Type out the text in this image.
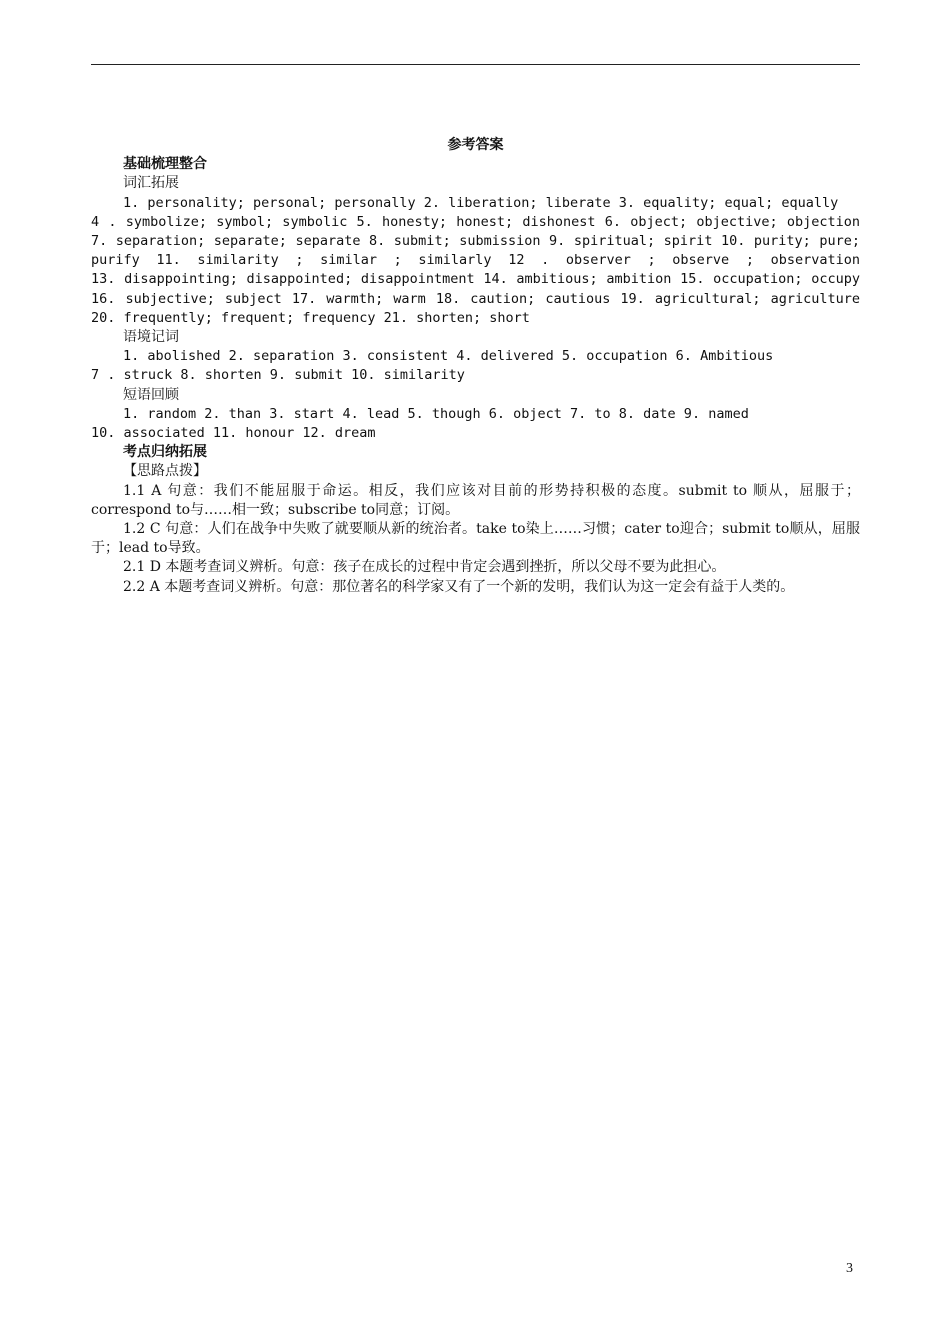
参考答案

基础梳理整合

词汇拓展

1. personality; personal; personally 2. liberation; liberate 3. equality; equal; equally

4 . symbolize; symbol; symbolic 5. honesty; honest; dishonest 6. object; objective; objection

7. separation; separate; separate 8. submit; submission 9. spiritual; spirit 10. purity; pure;

purify 11. similarity ; similar ; similarly 12 . observer ; observe ; observation

13. disappointing; disappointed; disappointment 14. ambitious; ambition 15. occupation; occupy

16. subjective; subject 17. warmth; warm 18. caution; cautious 19. agricultural; agriculture

20. frequently; frequent; frequency 21. shorten; short

语境记词

1. abolished 2. separation 3. consistent 4. delivered 5. occupation 6. Ambitious

7 . struck 8. shorten 9. submit 10. similarity

短语回顾

1. random 2. than 3. start 4. lead 5. though 6. object 7. to 8. date 9. named

10. associated 11. honour 12. dream

考点归纳拓展

【思路点拨】

1.1 A 句意：我们不能屈服于命运。相反，我们应该对目前的形势持积极的态度。submit to 顺从，屈服于；correspond to与……相一致；subscribe to同意；订阅。

1.2 C 句意：人们在战争中失败了就要顺从新的统治者。take to染上……习惯；cater to迎合；submit to顺从，屈服于；lead to导致。

2.1 D 本题考查词义辨析。句意：孩子在成长的过程中肯定会遇到挫折，所以父母不要为此担心。

2.2 A 本题考查词义辨析。句意：那位著名的科学家又有了一个新的发明，我们认为这一定会有益于人类的。

3
